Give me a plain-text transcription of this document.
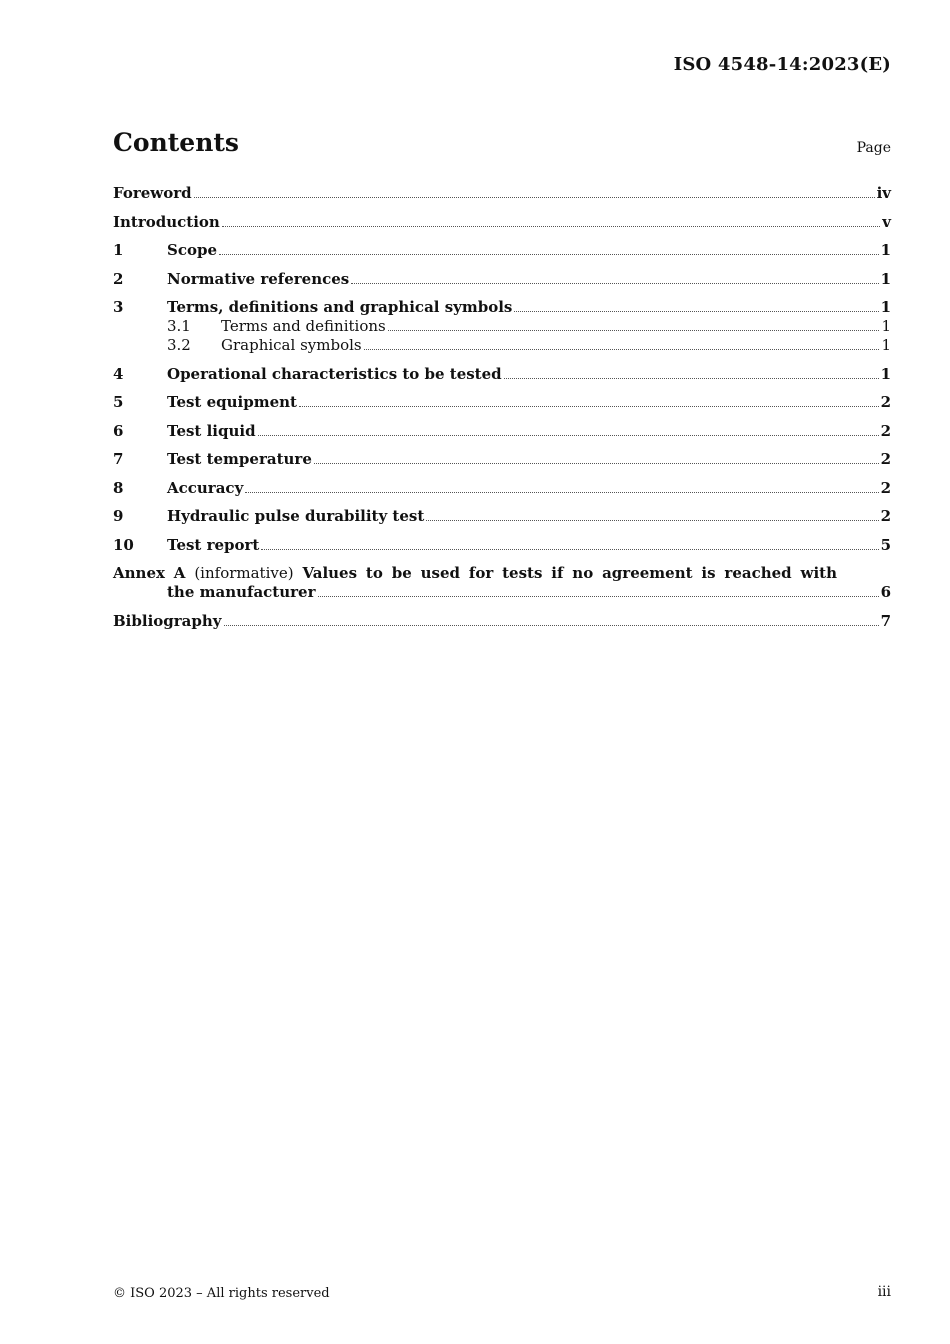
ISO 4548-14:2023(E)
Contents	Page
Foreword	iv
Introduction	v
1	Scope	1
2	Normative references	1
3	Terms, definitions and graphical symbols	1
3.1	Terms and definitions	1
3.2	Graphical symbols	1
4	Operational characteristics to be tested	1
5	Test equipment	2
6	Test liquid	2
7	Test temperature	2
8	Accuracy	2
9	Hydraulic pulse durability test	2
10	Test report	5
Annex A (informative) Values to be used for tests if no agreement is reached with
the manufacturer	6
Bibliography	7
© ISO 2023 – All rights reserved	iii
